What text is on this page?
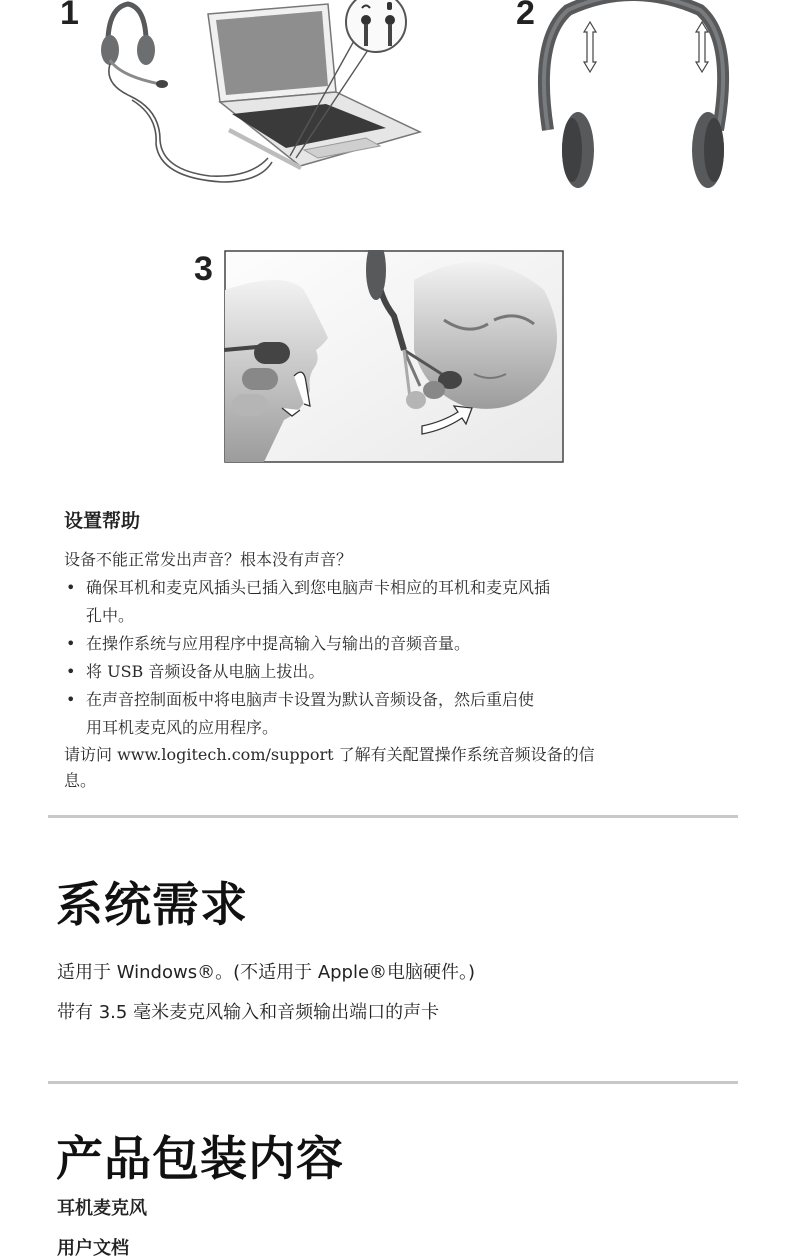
1	2
3
设置帮助

设备不能正常发出声音？根本没有声音？

• 确保耳机和麦克风插头已插入到您电脑声卡相应的耳机和麦克风插
孔中。
• 在操作系统与应用程序中提高输入与输出的音频音量。
• 将 USB 音频设备从电脑上拔出。
• 在声音控制面板中将电脑声卡设置为默认音频设备，然后重启使
用耳机麦克风的应用程序。

请访问 www.logitech.com/support 了解有关配置操作系统音频设备的信
息。

系统需求

适用于 Windows®。(不适用于 Apple®电脑硬件。)

带有 3.5 毫米麦克风输入和音频输出端口的声卡

产品包装内容

耳机麦克风

用户文档
